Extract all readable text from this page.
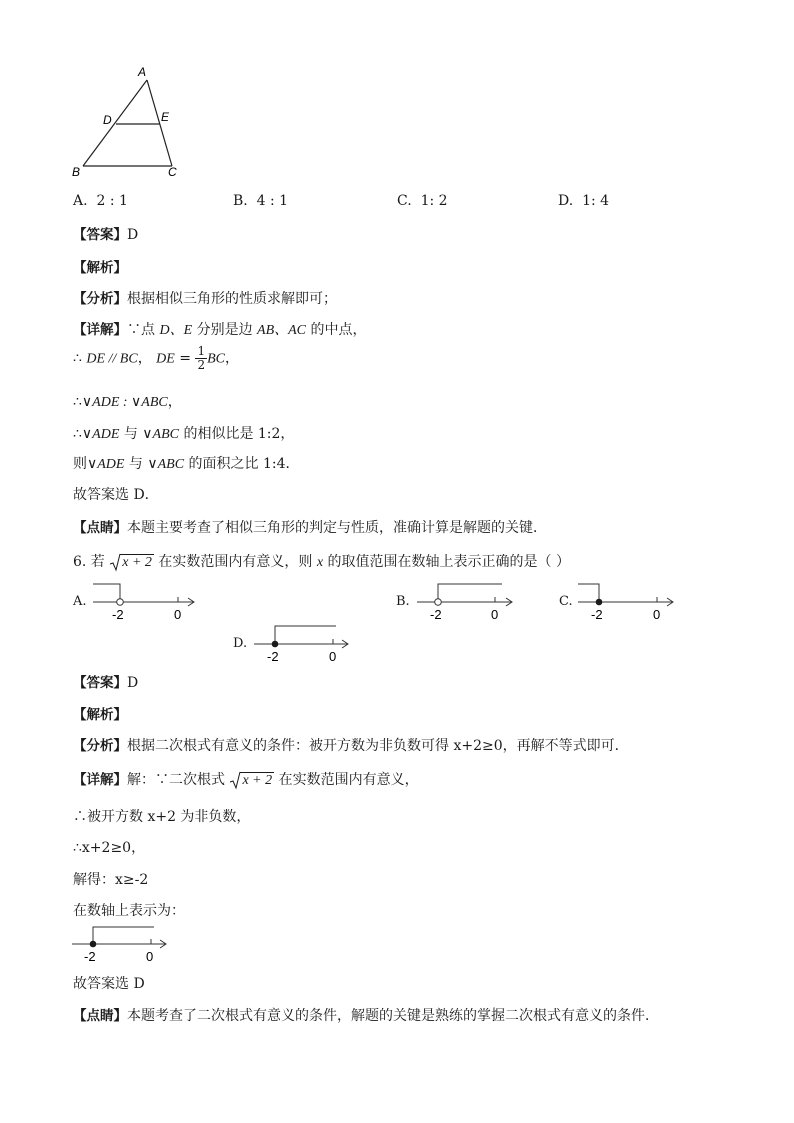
A
D	E
B	C
A. 2 : 1	B. 4 : 1	C. 1: 2	D. 1: 4
【答案】D
【解析】
【分析】根据相似三角形的性质求解即可；
【详解】∵点 D、E 分别是边 AB、AC 的中点，
∴ DE // BC， DE = $\frac{1}{2}$ BC，
∴∨ADE : ∨ABC，
∴∨ADE 与 ∨ABC 的相似比是 1:2，
则∨ADE 与 ∨ABC 的面积之比 1:4．
故答案选 D．
【点睛】本题主要考查了相似三角形的判定与性质，准确计算是解题的关键．
6. 若
x + 2 在实数范围内有意义，则 x 的取值范围在数轴上表示正确的是（ ）
A.
-2	0
B.
-2	0
C.
-2	0
D.
-2	0
【答案】D
【解析】
【分析】根据二次根式有意义的条件：被开方数为非负数可得 x+2≥0，再解不等式即可．
【详解】解：∵二次根式
x + 2 在实数范围内有意义，
∴被开方数 x+2 为非负数，
∴x+2≥0，
解得：x≥-2
在数轴上表示为：
-2	0
故答案选 D
【点睛】本题考查了二次根式有意义的条件，解题的关键是熟练的掌握二次根式有意义的条件．
